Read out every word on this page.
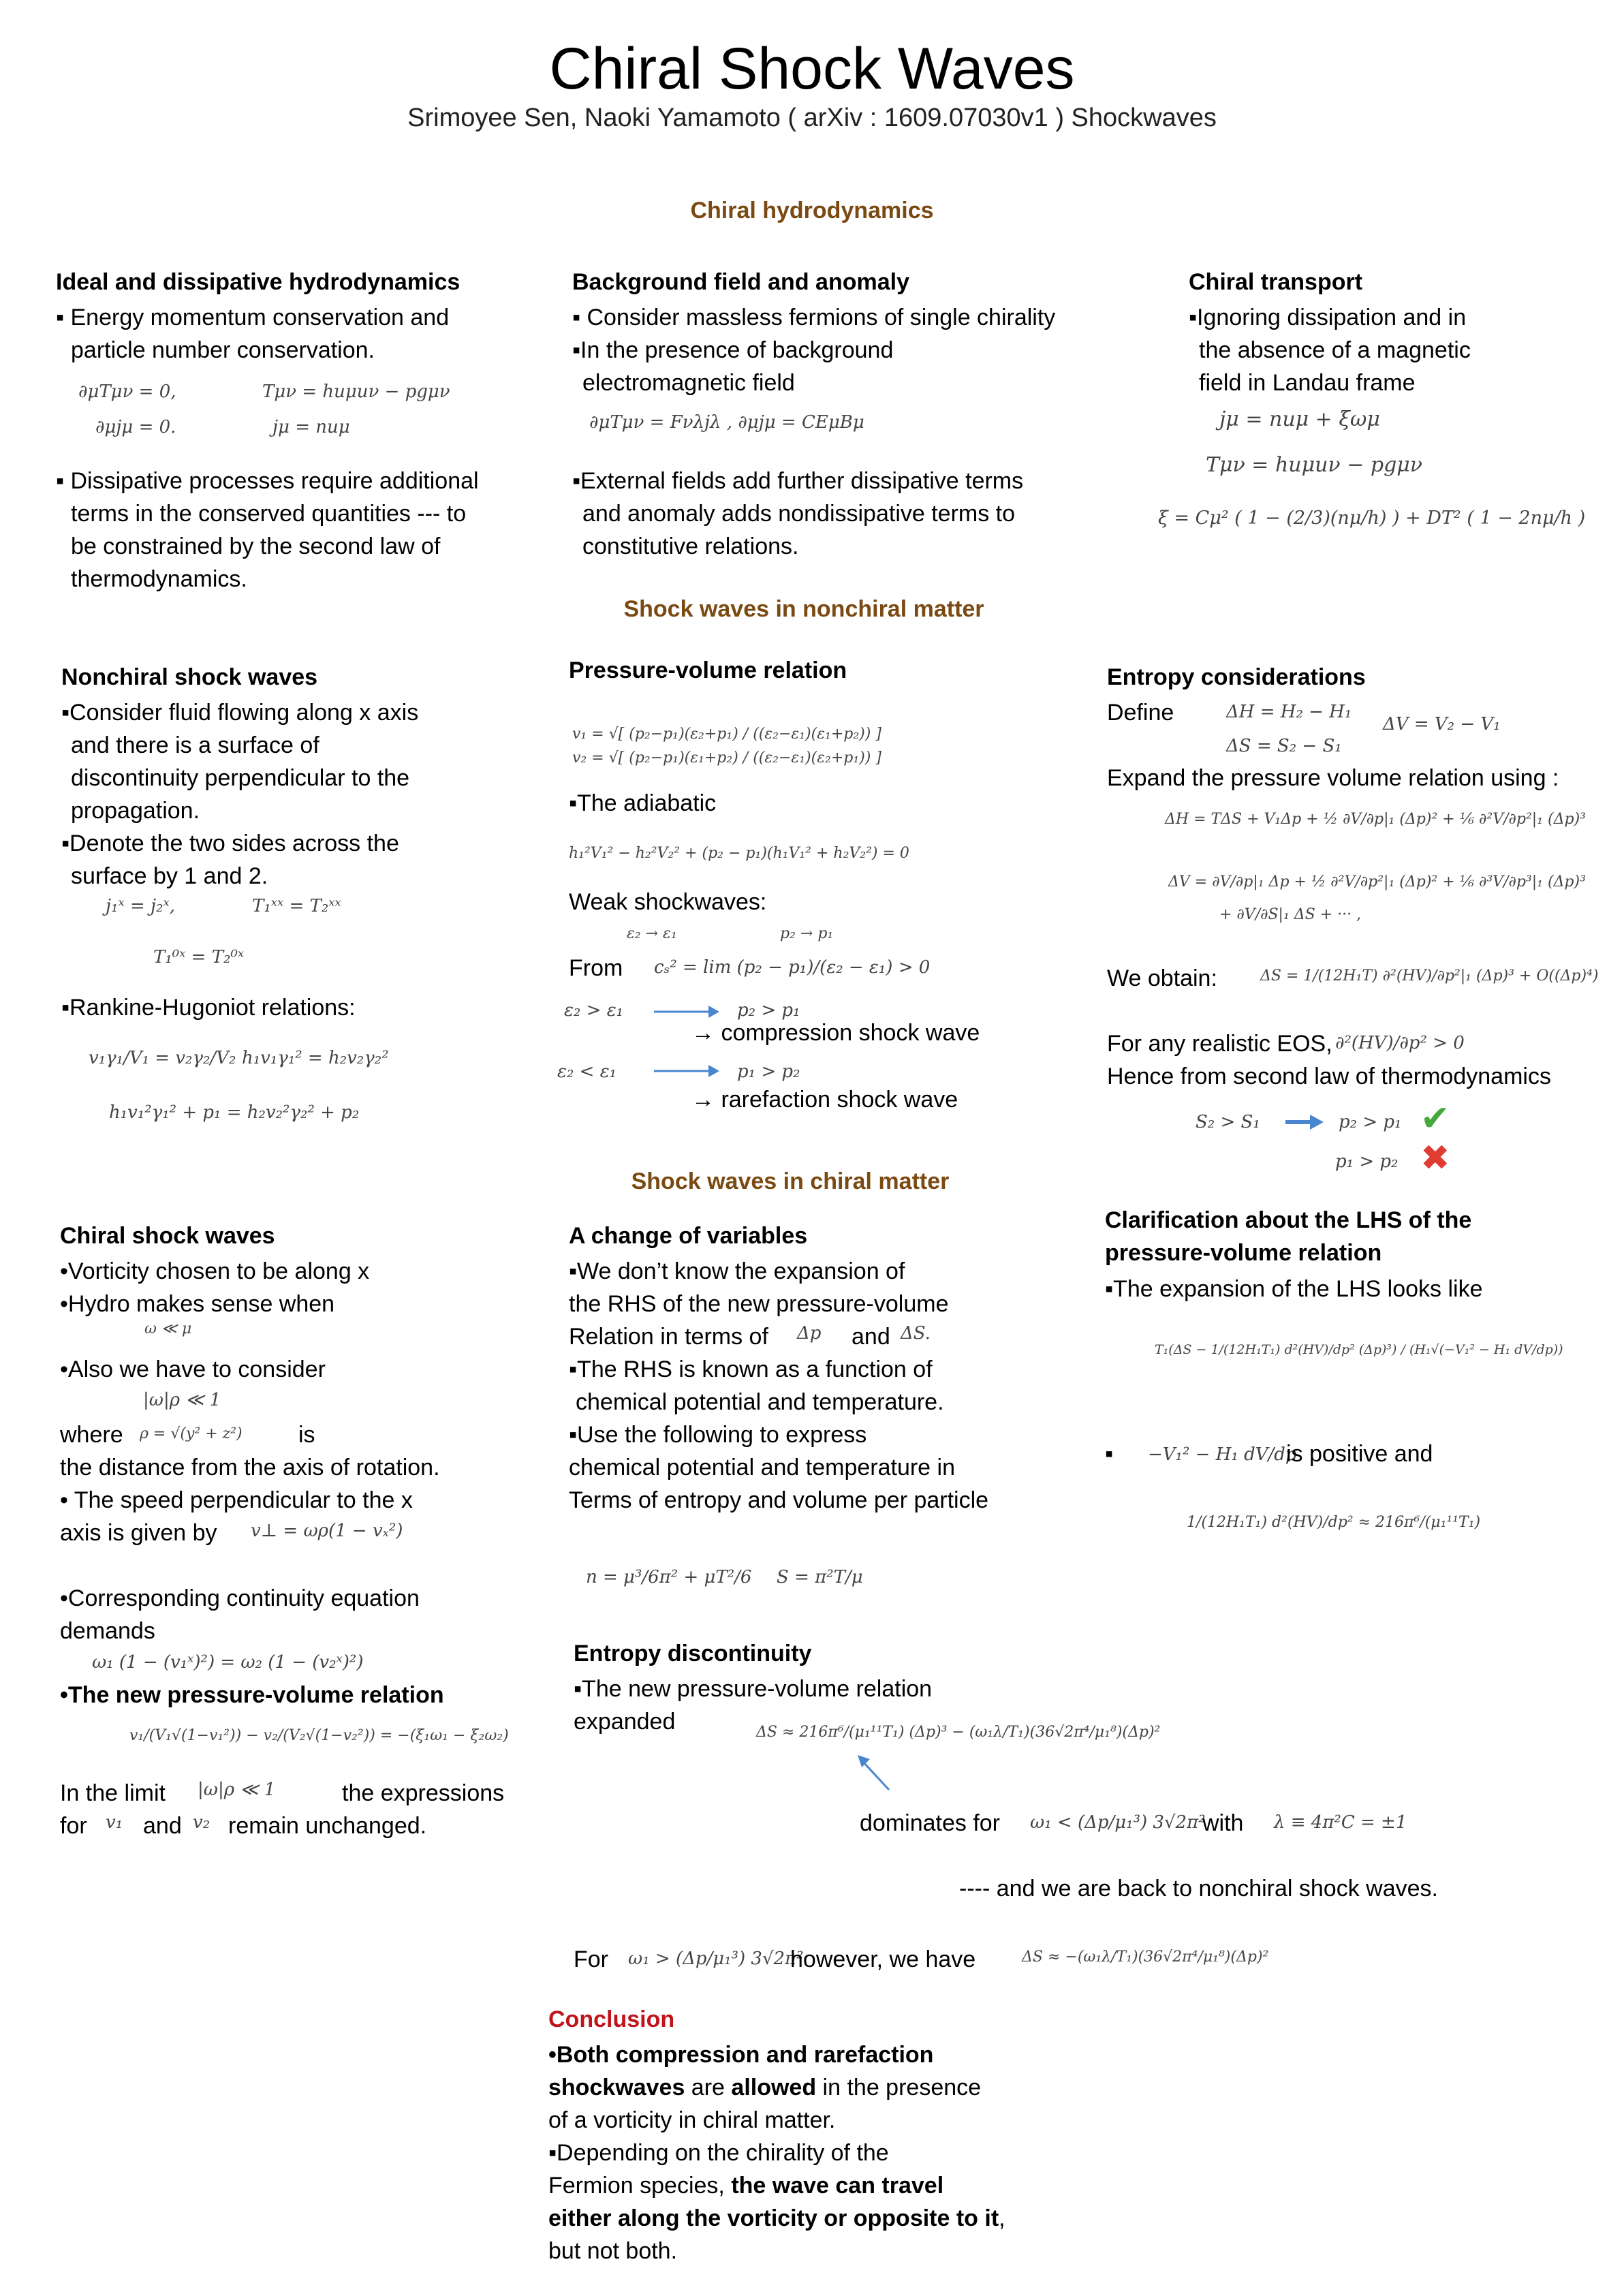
Chiral Shock Waves
Srimoyee Sen, Naoki Yamamoto ( arXiv : 1609.07030v1 ) Shockwaves
Chiral hydrodynamics
Shock waves in nonchiral matter
Shock waves in chiral matter
Ideal and dissipative hydrodynamics
▪ Energy momentum conservation and
particle number conservation.
∂μTμν = 0,	Tμν = huμuν − pgμν
∂μjμ = 0.	jμ = nuμ
▪ Dissipative processes require additional
terms in the conserved quantities --- to
be constrained by the second law of
thermodynamics.
Background field and anomaly
▪ Consider massless fermions of single chirality
▪In the presence of background
electromagnetic field
∂μTμν = Fνλjλ , ∂μjμ = CEμBμ
▪External fields add further dissipative terms
and anomaly adds nondissipative terms to
constitutive relations.
Chiral transport
▪Ignoring dissipation and in
the absence of a magnetic
field in Landau frame
jμ = nuμ + ξωμ
Tμν = huμuν − pgμν
ξ = Cμ² ( 1 − (2/3)(nμ/h) ) + DT² ( 1 − 2nμ/h )
Nonchiral shock waves
▪Consider fluid flowing along x axis
and there is a surface of
discontinuity perpendicular to the
propagation.
▪Denote the two sides across the
surface by 1 and 2.
j₁ˣ = j₂ˣ,	T₁ˣˣ = T₂ˣˣ
T₁⁰ˣ = T₂⁰ˣ
▪Rankine-Hugoniot relations:
v₁γ₁/V₁ = v₂γ₂/V₂ h₁v₁γ₁² = h₂v₂γ₂²
h₁v₁²γ₁² + p₁ = h₂v₂²γ₂² + p₂
Pressure-volume relation
v₁ = √[ (p₂−p₁)(ε₂+p₁) / ((ε₂−ε₁)(ε₁+p₂)) ]
v₂ = √[ (p₂−p₁)(ε₁+p₂) / ((ε₂−ε₁)(ε₂+p₁)) ]
▪The adiabatic
h₁²V₁² − h₂²V₂² + (p₂ − p₁)(h₁V₁² + h₂V₂²) = 0
Weak shockwaves:
ε₂ → ε₁	p₂ → p₁
From cₛ² = lim (p₂ − p₁)/(ε₂ − ε₁) > 0
ε₂ > ε₁	p₂ > p₁
→ compression shock wave
ε₂ < ε₁	p₁ > p₂
→ rarefaction shock wave
Entropy considerations
Define	ΔH = H₂ − H₁
ΔV = V₂ − V₁
ΔS = S₂ − S₁
Expand the pressure volume relation using :
ΔH = TΔS + V₁Δp + ½ ∂V/∂p|₁ (Δp)² + ⅙ ∂²V/∂p²|₁ (Δp)³
ΔV = ∂V/∂p|₁ Δp + ½ ∂²V/∂p²|₁ (Δp)² + ⅙ ∂³V/∂p³|₁ (Δp)³
+ ∂V/∂S|₁ ΔS + ··· ,
We obtain:	ΔS = 1/(12H₁T) ∂²(HV)/∂p²|₁ (Δp)³ + O((Δp)⁴)
For any realistic EOS, ∂²(HV)/∂p² > 0
Hence from second law of thermodynamics
S₂ > S₁	p₂ > p₁ ✔
p₁ > p₂ ✖
Chiral shock waves
•Vorticity chosen to be along x
•Hydro makes sense when
ω ≪ μ
•Also we have to consider
|ω|ρ ≪ 1
where ρ = √(y² + z²) is
the distance from the axis of rotation.
• The speed perpendicular to the x
axis is given by v⊥ = ωρ(1 − vₓ²)
•Corresponding continuity equation
demands
ω₁ (1 − (v₁ˣ)²) = ω₂ (1 − (v₂ˣ)²)
•The new pressure-volume relation
v₁/(V₁√(1−v₁²)) − v₂/(V₂√(1−v₂²)) = −(ξ₁ω₁ − ξ₂ω₂)
In the limit |ω|ρ ≪ 1	the expressions
for v₁ and v₂ remain unchanged.
A change of variables
▪We don’t know the expansion of
the RHS of the new pressure-volume
Relation in terms of Δp and ΔS.
▪The RHS is known as a function of
chemical potential and temperature.
▪Use the following to express
chemical potential and temperature in
Terms of entropy and volume per particle
n = μ³/6π² + μT²/6 S = π²T/μ
Clarification about the LHS of the
pressure-volume relation
▪The expansion of the LHS looks like
T₁(ΔS − 1/(12H₁T₁) d²(HV)/dp² (Δp)³) / (H₁√(−V₁² − H₁ dV/dp))
▪ −V₁² − H₁ dV/dp
is positive and
1/(12H₁T₁) d²(HV)/dp² ≈ 216π⁶/(μ₁¹¹T₁)
Entropy discontinuity
▪The new pressure-volume relation
expanded	ΔS ≈ 216π⁶/(μ₁¹¹T₁) (Δp)³ − (ω₁λ/T₁)(36√2π⁴/μ₁⁸)(Δp)²
dominates for ω₁ < (Δp/μ₁³) 3√2π²
with λ ≡ 4π²C = ±1
---- and we are back to nonchiral shock waves.
For ω₁ > (Δp/μ₁³) 3√2π²
however, we have	ΔS ≈ −(ω₁λ/T₁)(36√2π⁴/μ₁⁸)(Δp)²
Conclusion
•Both compression and rarefaction
shockwaves are allowed in the presence
of a vorticity in chiral matter.
▪Depending on the chirality of the
Fermion species, the wave can travel
either along the vorticity or opposite to it,
but not both.
